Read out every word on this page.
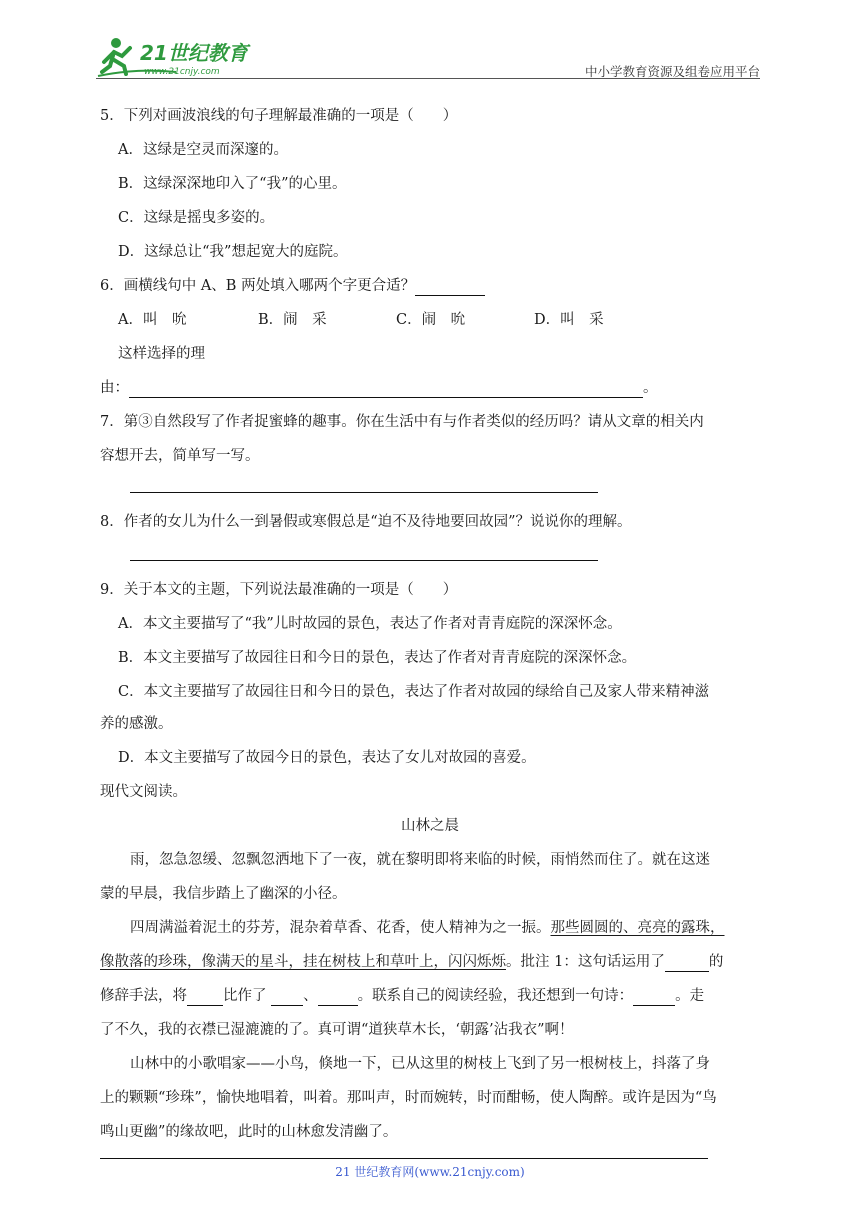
21世纪教育
www.21cnjy.com	中小学教育资源及组卷应用平台
5．下列对画波浪线的句子理解最准确的一项是（　　）
A．这绿是空灵而深邃的。
B．这绿深深地印入了“我”的心里。
C．这绿是摇曳多姿的。
D．这绿总让“我”想起宽大的庭院。
6．画横线句中 A、B 两处填入哪两个字更合适？
A．叫　吮	B．闹　采	C．闹　吮	D．叫　采
这样选择的理
由：	。
7．第③自然段写了作者捉蜜蜂的趣事。你在生活中有与作者类似的经历吗？请从文章的相关内
容想开去，简单写一写。
8．作者的女儿为什么一到暑假或寒假总是“迫不及待地要回故园”？说说你的理解。
9．关于本文的主题，下列说法最准确的一项是（　　）
A．本文主要描写了“我”儿时故园的景色，表达了作者对青青庭院的深深怀念。
B．本文主要描写了故园往日和今日的景色，表达了作者对青青庭院的深深怀念。
C．本文主要描写了故园往日和今日的景色，表达了作者对故园的绿给自己及家人带来精神滋
养的感激。
D．本文主要描写了故园今日的景色，表达了女儿对故园的喜爱。
现代文阅读。
山林之晨
雨，忽急忽缓、忽飘忽洒地下了一夜，就在黎明即将来临的时候，雨悄然而住了。就在这迷
蒙的早晨，我信步踏上了幽深的小径。
四周满溢着泥土的芬芳，混杂着草香、花香，使人精神为之一振。那些圆圆的、亮亮的露珠，
像散落的珍珠，像满天的星斗，挂在树枝上和草叶上，闪闪烁烁。批注 1：这句话运用了	的
修辞手法，将 比作了	、	。联系自己的阅读经验，我还想到一句诗：	。走
了不久，我的衣襟已湿漉漉的了。真可谓“道狭草木长，‘朝露’沾我衣”啊！
山林中的小歌唱家——小鸟，倏地一下，已从这里的树枝上飞到了另一根树枝上，抖落了身
上的颗颗“珍珠”，愉快地唱着，叫着。那叫声，时而婉转，时而酣畅，使人陶醉。或许是因为“鸟
鸣山更幽”的缘故吧，此时的山林愈发清幽了。
21 世纪教育网(www.21cnjy.com)
